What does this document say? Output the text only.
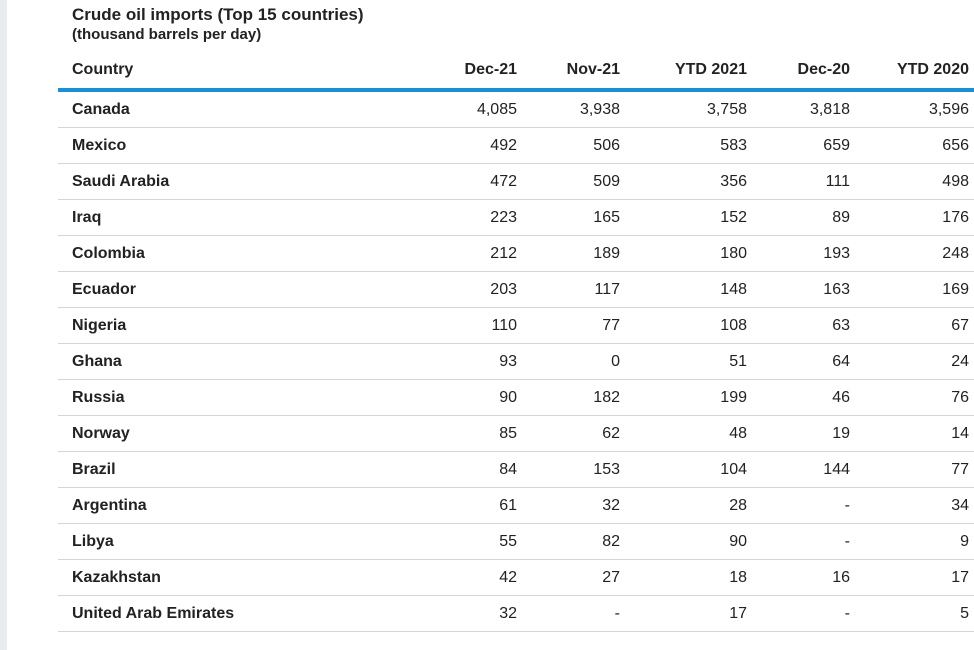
Crude oil imports (Top 15 countries)
(thousand barrels per day)
Country	Dec-21	Nov-21	YTD 2021	Dec-20	YTD 2020
Canada	4,085	3,938	3,758	3,818	3,596
Mexico	492	506	583	659	656
Saudi Arabia	472	509	356	111	498
Iraq	223	165	152	89	176
Colombia	212	189	180	193	248
Ecuador	203	117	148	163	169
Nigeria	110	77	108	63	67
Ghana	93	0	51	64	24
Russia	90	182	199	46	76
Norway	85	62	48	19	14
Brazil	84	153	104	144	77
Argentina	61	32	28	-	34
Libya	55	82	90	-	9
Kazakhstan	42	27	18	16	17
United Arab Emirates	32	-	17	-	5
